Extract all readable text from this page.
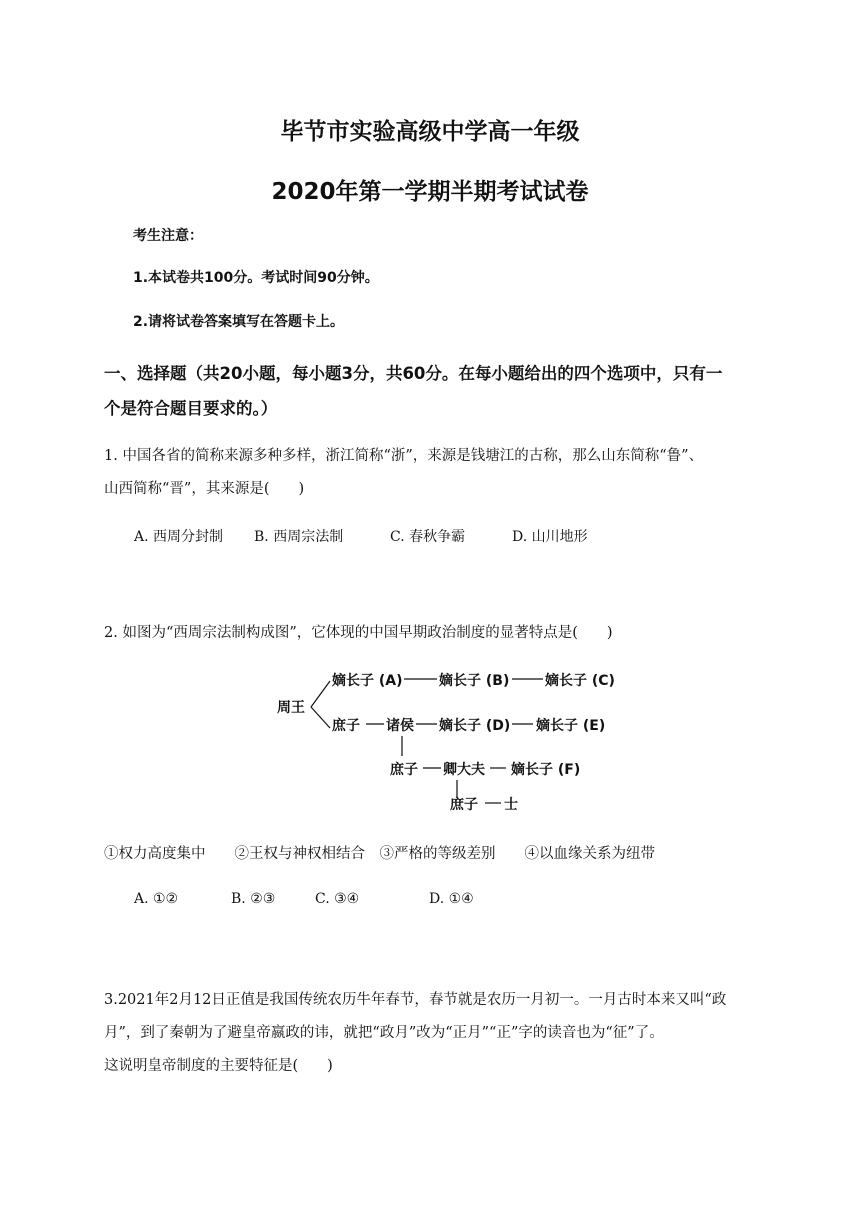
毕节市实验高级中学高一年级
2020年第一学期半期考试试卷
考生注意：
1.本试卷共100分。考试时间90分钟。
2.请将试卷答案填写在答题卡上。
一、选择题（共20小题，每小题3分，共60分。在每小题给出的四个选项中，只有一
个是符合题目要求的。）
1. 中国各省的简称来源多种多样，浙江简称“浙”，来源是钱塘江的古称，那么山东简称“鲁”、
山西简称“晋”，其来源是(　　)
A. 西周分封制 B. 西周宗法制	C. 春秋争霸	D. 山川地形
2. 如图为“西周宗法制构成图”，它体现的中国早期政治制度的显著特点是(　　)
周王
嫡长子 (A)	嫡长子 (B)	嫡长子 (C)
庶子 诸侯 嫡长子 (D) 嫡长子 (E)
庶子 卿大夫 嫡长子 (F)
庶子 士
①权力高度集中　　②王权与神权相结合　③严格的等级差别　　④以血缘关系为纽带
A. ①②	B. ②③	C. ③④	D. ①④
3.2021年2月12日正值是我国传统农历牛年春节，春节就是农历一月初一。一月古时本来又叫“政
月”，到了秦朝为了避皇帝嬴政的讳，就把“政月”改为“正月”“正”字的读音也为“征”了。
这说明皇帝制度的主要特征是(　　)
